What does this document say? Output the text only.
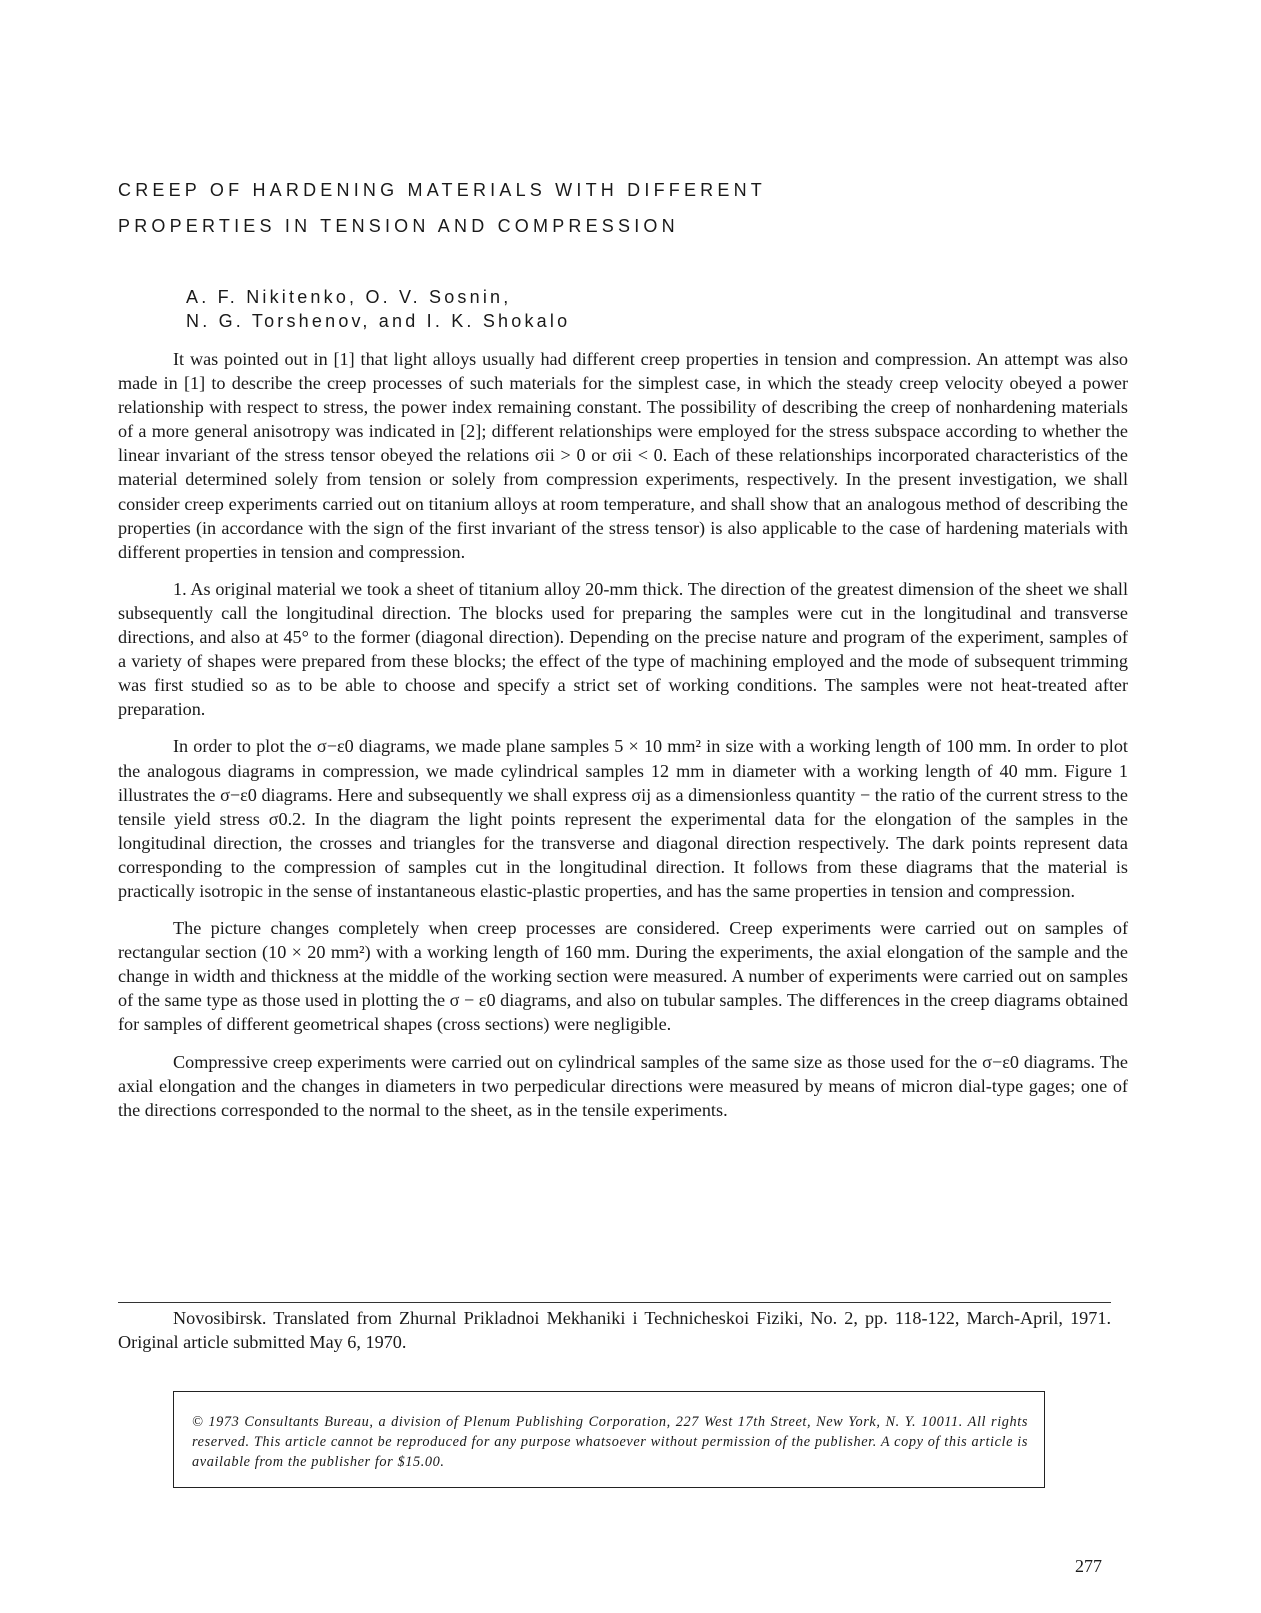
CREEP OF HARDENING MATERIALS WITH DIFFERENT
PROPERTIES IN TENSION AND COMPRESSION
A. F. Nikitenko, O. V. Sosnin,
N. G. Torshenov, and I. K. Shokalo

It was pointed out in [1] that light alloys usually had different creep properties in tension and compression. An attempt was also made in [1] to describe the creep processes of such materials for the simplest case, in which the steady creep velocity obeyed a power relationship with respect to stress, the power index remaining constant. The possibility of describing the creep of nonhardening materials of a more general anisotropy was indicated in [2]; different relationships were employed for the stress subspace according to whether the linear invariant of the stress tensor obeyed the relations σii > 0 or σii < 0. Each of these relationships incorporated characteristics of the material determined solely from tension or solely from compression experiments, respectively. In the present investigation, we shall consider creep experiments carried out on titanium alloys at room temperature, and shall show that an analogous method of describing the properties (in accordance with the sign of the first invariant of the stress tensor) is also applicable to the case of hardening materials with different properties in tension and compression.

1. As original material we took a sheet of titanium alloy 20-mm thick. The direction of the greatest dimension of the sheet we shall subsequently call the longitudinal direction. The blocks used for preparing the samples were cut in the longitudinal and transverse directions, and also at 45° to the former (diagonal direction). Depending on the precise nature and program of the experiment, samples of a variety of shapes were prepared from these blocks; the effect of the type of machining employed and the mode of subsequent trimming was first studied so as to be able to choose and specify a strict set of working conditions. The samples were not heat-treated after preparation.

In order to plot the σ−ε0 diagrams, we made plane samples 5 × 10 mm² in size with a working length of 100 mm. In order to plot the analogous diagrams in compression, we made cylindrical samples 12 mm in diameter with a working length of 40 mm. Figure 1 illustrates the σ−ε0 diagrams. Here and subsequently we shall express σij as a dimensionless quantity − the ratio of the current stress to the tensile yield stress σ0.2. In the diagram the light points represent the experimental data for the elongation of the samples in the longitudinal direction, the crosses and triangles for the transverse and diagonal direction respectively. The dark points represent data corresponding to the compression of samples cut in the longitudinal direction. It follows from these diagrams that the material is practically isotropic in the sense of instantaneous elastic-plastic properties, and has the same properties in tension and compression.

The picture changes completely when creep processes are considered. Creep experiments were carried out on samples of rectangular section (10 × 20 mm²) with a working length of 160 mm. During the experiments, the axial elongation of the sample and the change in width and thickness at the middle of the working section were measured. A number of experiments were carried out on samples of the same type as those used in plotting the σ − ε0 diagrams, and also on tubular samples. The differences in the creep diagrams obtained for samples of different geometrical shapes (cross sections) were negligible.

Compressive creep experiments were carried out on cylindrical samples of the same size as those used for the σ−ε0 diagrams. The axial elongation and the changes in diameters in two perpedicular directions were measured by means of micron dial-type gages; one of the directions corresponded to the normal to the sheet, as in the tensile experiments.

Novosibirsk. Translated from Zhurnal Prikladnoi Mekhaniki i Technicheskoi Fiziki, No. 2, pp. 118-122, March-April, 1971. Original article submitted May 6, 1970.

© 1973 Consultants Bureau, a division of Plenum Publishing Corporation, 227 West 17th Street, New York, N. Y. 10011. All rights reserved. This article cannot be reproduced for any purpose whatsoever without permission of the publisher. A copy of this article is available from the publisher for $15.00.

277
